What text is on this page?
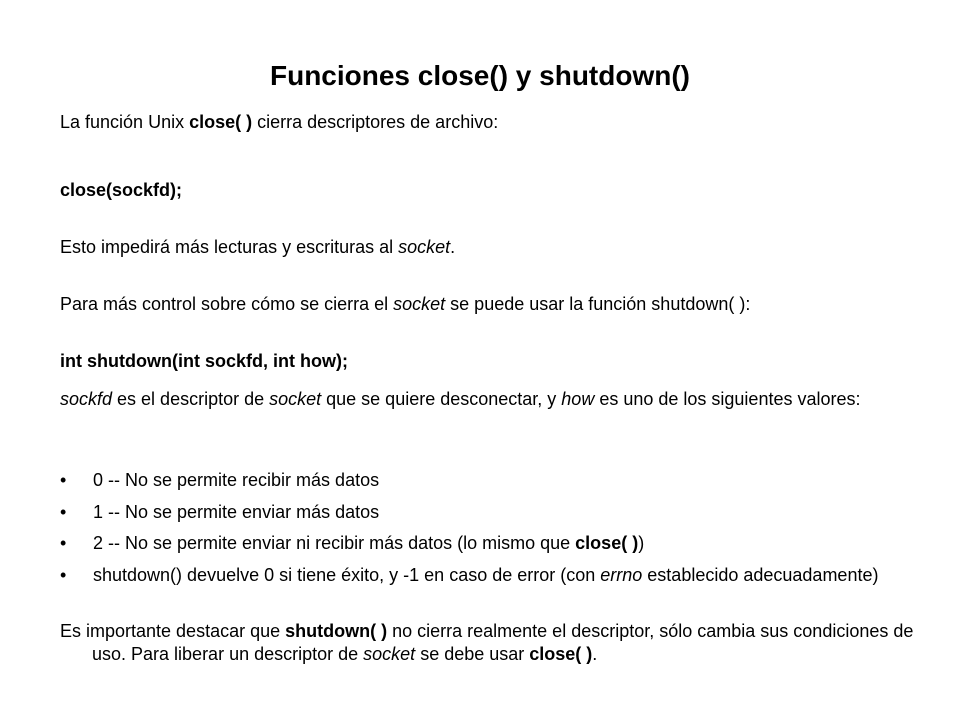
Funciones close() y shutdown()
La función Unix close( ) cierra descriptores de archivo:
close(sockfd);
Esto impedirá más lecturas y escrituras al socket.
Para más control sobre cómo se cierra el socket se puede usar la función shutdown( ):
int shutdown(int sockfd, int how);
sockfd es el descriptor de socket que se quiere desconectar, y how es uno de los siguientes valores:
• 0 -- No se permite recibir más datos
• 1 -- No se permite enviar más datos
• 2 -- No se permite enviar ni recibir más datos (lo mismo que close( ))
• shutdown() devuelve 0 si tiene éxito, y -1 en caso de error (con errno establecido adecuadamente)
Es importante destacar que shutdown( ) no cierra realmente el descriptor, sólo cambia sus condiciones de uso. Para liberar un descriptor de socket se debe usar close( ).
